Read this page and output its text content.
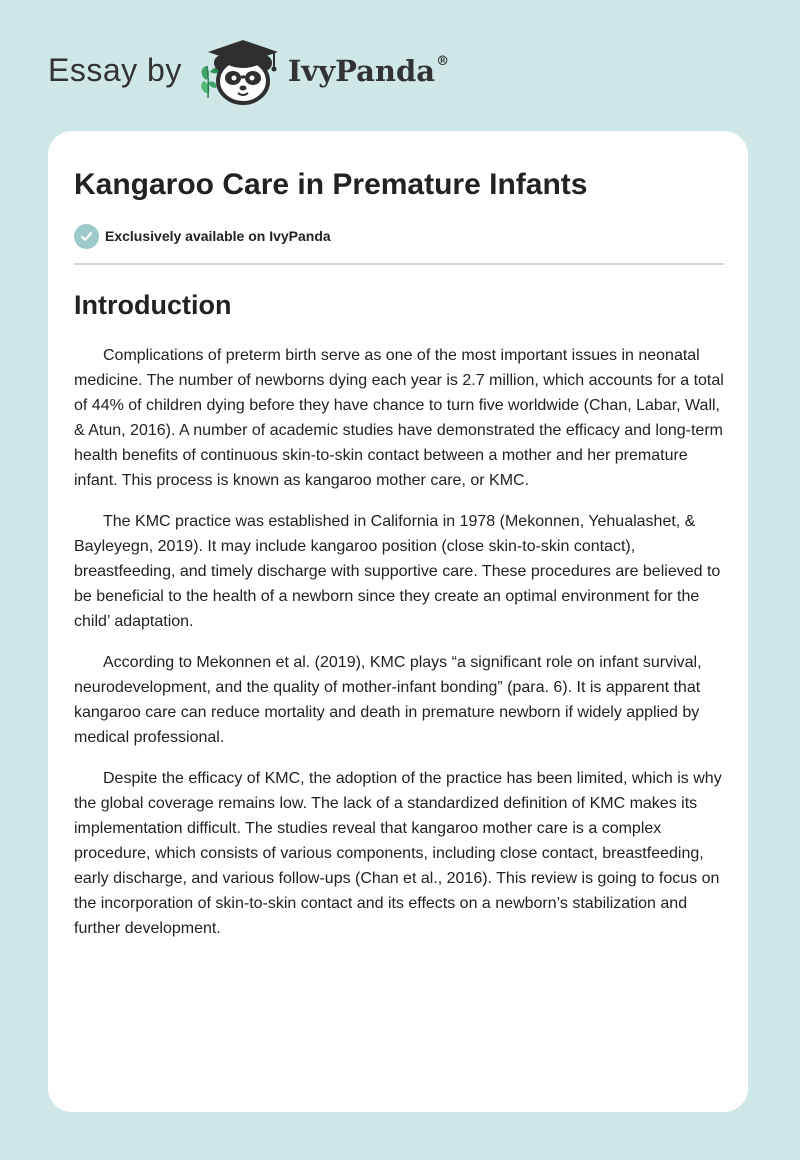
Essay by	IvyPanda®
Kangaroo Care in Premature Infants
Exclusively available on IvyPanda
Introduction

Complications of preterm birth serve as one of the most important issues in neonatal medicine. The number of newborns dying each year is 2.7 million, which accounts for a total of 44% of children dying before they have chance to turn five worldwide (Chan, Labar, Wall, & Atun, 2016). A number of academic studies have demonstrated the efficacy and long-term health benefits of continuous skin-to-skin contact between a mother and her premature infant. This process is known as kangaroo mother care, or KMC.

The KMC practice was established in California in 1978 (Mekonnen, Yehualashet, & Bayleyegn, 2019). It may include kangaroo position (close skin-to-skin contact), breastfeeding, and timely discharge with supportive care. These procedures are believed to be beneficial to the health of a newborn since they create an optimal environment for the child’ adaptation.

According to Mekonnen et al. (2019), KMC plays “a significant role on infant survival, neurodevelopment, and the quality of mother-infant bonding” (para. 6). It is apparent that kangaroo care can reduce mortality and death in premature newborn if widely applied by medical professional.

Despite the efficacy of KMC, the adoption of the practice has been limited, which is why the global coverage remains low. The lack of a standardized definition of KMC makes its implementation difficult. The studies reveal that kangaroo mother care is a complex procedure, which consists of various components, including close contact, breastfeeding, early discharge, and various follow-ups (Chan et al., 2016). This review is going to focus on the incorporation of skin-to-skin contact and its effects on a newborn’s stabilization and further development.
